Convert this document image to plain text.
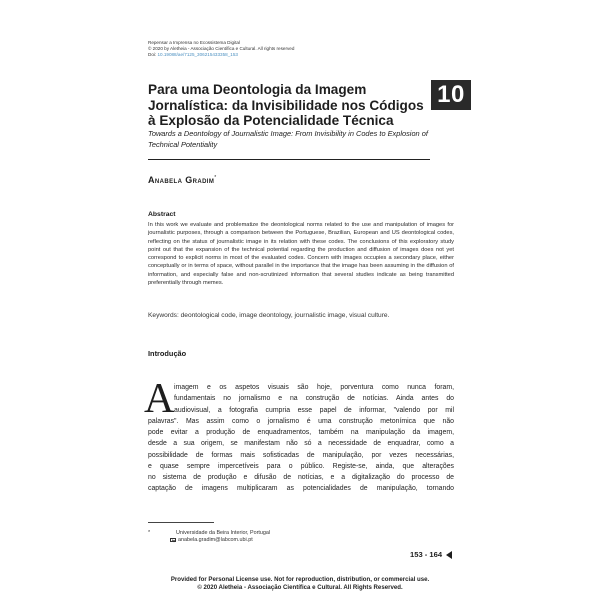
Repensar a Imprensa no Ecossistema Digital
© 2020 by Aletheia - Associação Científica e Cultural. All rights reserved
Doi: 10.19088/ae/7125_306215433358_153
Para uma Deontologia da Imagem Jornalística: da Invisibilidade nos Códigos à Explosão da Potencialidade Técnica
10
Towards a Deontology of Journalistic Image: From Invisibility in Codes to Explosion of Technical Potentiality
Anabela Gradim*
Abstract
In this work we evaluate and problematize the deontological norms related to the use and manipulation of images for journalistic purposes, through a comparison between the Portuguese, Brazilian, European and US deontological codes, reflecting on the status of journalistic image in its relation with these codes. The conclusions of this exploratory study point out that the expansion of the technical potential regarding the production and diffusion of images does not yet correspond to explicit norms in most of the evaluated codes. Concern with images occupies a secondary place, either conceptually or in terms of space, without parallel in the importance that the image has been assuming in the diffusion of information, and especially false and non-scrutinized information that several studies indicate as being transmitted preferentially through memes.
Keywords: deontological code, image deontology, journalistic image, visual culture.
Introdução
A imagem e os aspetos visuais são hoje, porventura como nunca foram,
fundamentais no jornalismo e na construção de notícias. Ainda antes do
audiovisual, a fotografia cumpria esse papel de informar, "valendo por mil
palavras". Mas assim como o jornalismo é uma construção metonímica que não
pode evitar a produção de enquadramentos, também na manipulação da imagem,
desde a sua origem, se manifestam não só a necessidade de enquadrar, como a
possibilidade de formas mais sofisticadas de manipulação, por vezes necessárias,
e quase sempre impercetíveis para o público. Registe-se, ainda, que alterações
no sistema de produção e difusão de notícias, e a digitalização do processo de
captação de imagens multiplicaram as potencialidades de manipulação, tornando
*	Universidade da Beira Interior, Portugal
anabela.gradim@labcom.ubi.pt
153 - 164
Provided for Personal License use. Not for reproduction, distribution, or commercial use.
© 2020 Aletheia - Associação Científica e Cultural. All Rights Reserved.
